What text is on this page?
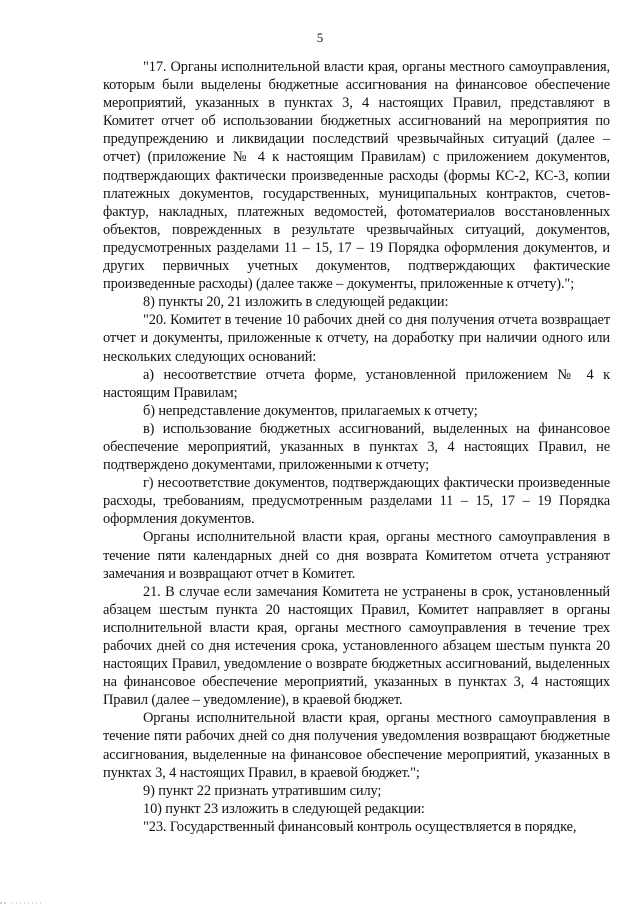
5

"17. Органы исполнительной власти края, органы местного самоуправления, которым были выделены бюджетные ассигнования на финансовое обеспечение мероприятий, указанных в пунктах 3, 4 настоящих Правил, представляют в Комитет отчет об использовании бюджетных ассигнований на мероприятия по предупреждению и ликвидации последствий чрезвычайных ситуаций (далее – отчет) (приложение № 4 к настоящим Правилам) с приложением документов, подтверждающих фактически произведенные расходы (формы КС-2, КС-3, копии платежных документов, государственных, муниципальных контрактов, счетов-фактур, накладных, платежных ведомостей, фотоматериалов восстановленных объектов, поврежденных в результате чрезвычайных ситуаций, документов, предусмотренных разделами 11 – 15, 17 – 19 Порядка оформления документов, и других первичных учетных документов, подтверждающих фактические произведенные расходы) (далее также – документы, приложенные к отчету).";

8) пункты 20, 21 изложить в следующей редакции:

"20. Комитет в течение 10 рабочих дней со дня получения отчета возвращает отчет и документы, приложенные к отчету, на доработку при наличии одного или нескольких следующих оснований:

а) несоответствие отчета форме, установленной приложением № 4 к настоящим Правилам;

б) непредставление документов, прилагаемых к отчету;

в) использование бюджетных ассигнований, выделенных на финансовое обеспечение мероприятий, указанных в пунктах 3, 4 настоящих Правил, не подтверждено документами, приложенными к отчету;

г) несоответствие документов, подтверждающих фактически произведенные расходы, требованиям, предусмотренным разделами 11 – 15, 17 – 19 Порядка оформления документов.

Органы исполнительной власти края, органы местного самоуправления в течение пяти календарных дней со дня возврата Комитетом отчета устраняют замечания и возвращают отчет в Комитет.

21. В случае если замечания Комитета не устранены в срок, установленный абзацем шестым пункта 20 настоящих Правил, Комитет направляет в органы исполнительной власти края, органы местного самоуправления в течение трех рабочих дней со дня истечения срока, установленного абзацем шестым пункта 20 настоящих Правил, уведомление о возврате бюджетных ассигнований, выделенных на финансовое обеспечение мероприятий, указанных в пунктах 3, 4 настоящих Правил (далее – уведомление), в краевой бюджет.

Органы исполнительной власти края, органы местного самоуправления в течение пяти рабочих дней со дня получения уведомления возвращают бюджетные ассигнования, выделенные на финансовое обеспечение мероприятий, указанных в пунктах 3, 4 настоящих Правил, в краевой бюджет.";

9) пункт 22 признать утратившим силу;

10) пункт 23 изложить в следующей редакции:

"23. Государственный финансовый контроль осуществляется в порядке,
